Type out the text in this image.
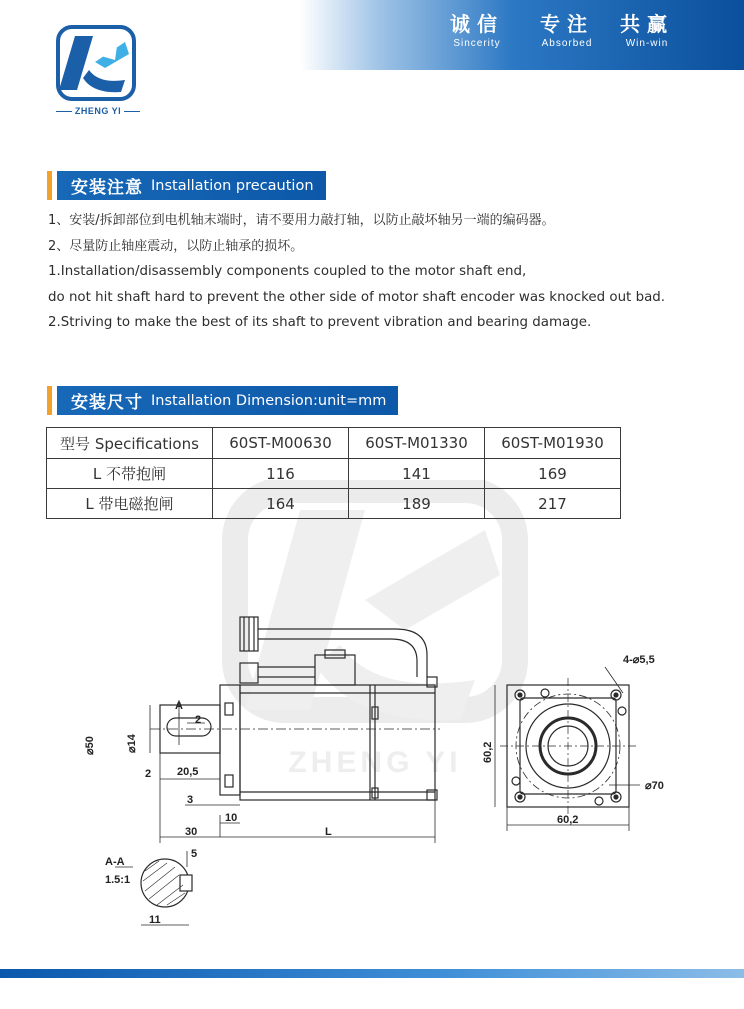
诚信
Sincerity
专注
Absorbed
共赢
Win-win
ZHENG YI
ZHENG YI
安装注意 Installation precaution
1、安装/拆卸部位到电机轴末端时，请不要用力敲打轴，以防止敲坏轴另一端的编码器。
2、尽量防止轴座震动，以防止轴承的损坏。
1.Installation/disassembly components coupled to the motor shaft end,
do not hit shaft hard to prevent the other side of motor shaft encoder was knocked out bad.
2.Striving to make the best of its shaft to prevent vibration and bearing damage.
安装尺寸 Installation Dimension:unit=mm
型号 Specifications	60ST-M00630	60ST-M01330	60ST-M01930
L 不带抱闸	116	141	169
L 带电磁抱闸	164	189	217
A
2
2 20,5
3
10
30	L
⌀50	⌀14
4-⌀5,5
⌀70
60,2
60,2
5
A-A
1.5:1
11
